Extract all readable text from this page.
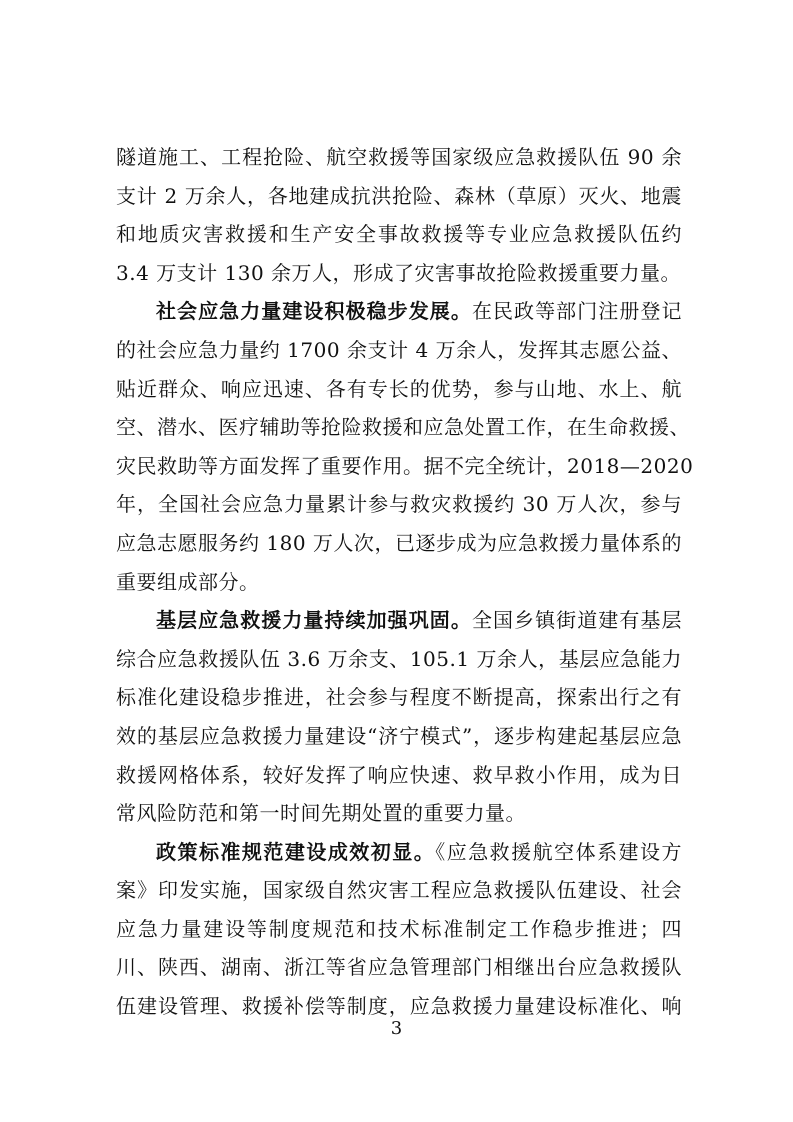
隧道施工、工程抢险、航空救援等国家级应急救援队伍 90 余
支计 2 万余人，各地建成抗洪抢险、森林（草原）灭火、地震
和地质灾害救援和生产安全事故救援等专业应急救援队伍约
3.4 万支计 130 余万人，形成了灾害事故抢险救援重要力量。
社会应急力量建设积极稳步发展。在民政等部门注册登记
的社会应急力量约 1700 余支计 4 万余人，发挥其志愿公益、
贴近群众、响应迅速、各有专长的优势，参与山地、水上、航
空、潜水、医疗辅助等抢险救援和应急处置工作，在生命救援、
灾民救助等方面发挥了重要作用。据不完全统计，2018—2020
年，全国社会应急力量累计参与救灾救援约 30 万人次，参与
应急志愿服务约 180 万人次，已逐步成为应急救援力量体系的
重要组成部分。
基层应急救援力量持续加强巩固。全国乡镇街道建有基层
综合应急救援队伍 3.6 万余支、105.1 万余人，基层应急能力
标准化建设稳步推进，社会参与程度不断提高，探索出行之有
效的基层应急救援力量建设“济宁模式”，逐步构建起基层应急
救援网格体系，较好发挥了响应快速、救早救小作用，成为日
常风险防范和第一时间先期处置的重要力量。
政策标准规范建设成效初显。《应急救援航空体系建设方
案》印发实施，国家级自然灾害工程应急救援队伍建设、社会
应急力量建设等制度规范和技术标准制定工作稳步推进；四
川、陕西、湖南、浙江等省应急管理部门相继出台应急救援队
伍建设管理、救援补偿等制度，应急救援力量建设标准化、响
3
